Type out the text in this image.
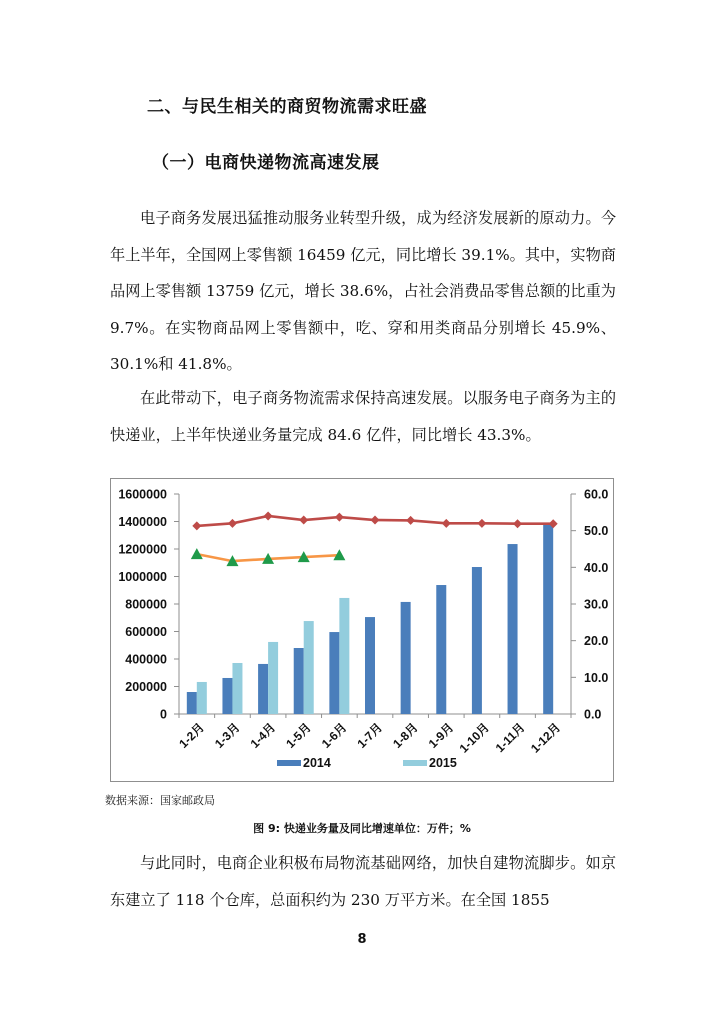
二、与民生相关的商贸物流需求旺盛
（一）电商快递物流高速发展
电子商务发展迅猛推动服务业转型升级，成为经济发展新的原动力。今年上半年，全国网上零售额 16459 亿元，同比增长 39.1%。其中，实物商品网上零售额 13759 亿元，增长 38.6%，占社会消费品零售总额的比重为 9.7%。在实物商品网上零售额中，吃、穿和用类商品分别增长 45.9%、30.1%和 41.8%。
在此带动下，电子商务物流需求保持高速发展。以服务电子商务为主的快递业，上半年快递业务量完成 84.6 亿件，同比增长 43.3%。
0
200000
400000
600000
800000
1000000
1200000
1400000
1600000
0.0
10.0
20.0
30.0
40.0
50.0
60.0
1-2月 1-3月 1-4月 1-5月 1-6月 1-7月 1-8月 1-9月 1-10月 1-11月 1-12月
2014	2015
数据来源：国家邮政局
图 9: 快递业务量及同比增速单位：万件；%
与此同时，电商企业积极布局物流基础网络，加快自建物流脚步。如京东建立了 118 个仓库，总面积约为 230 万平方米。在全国 1855
8
